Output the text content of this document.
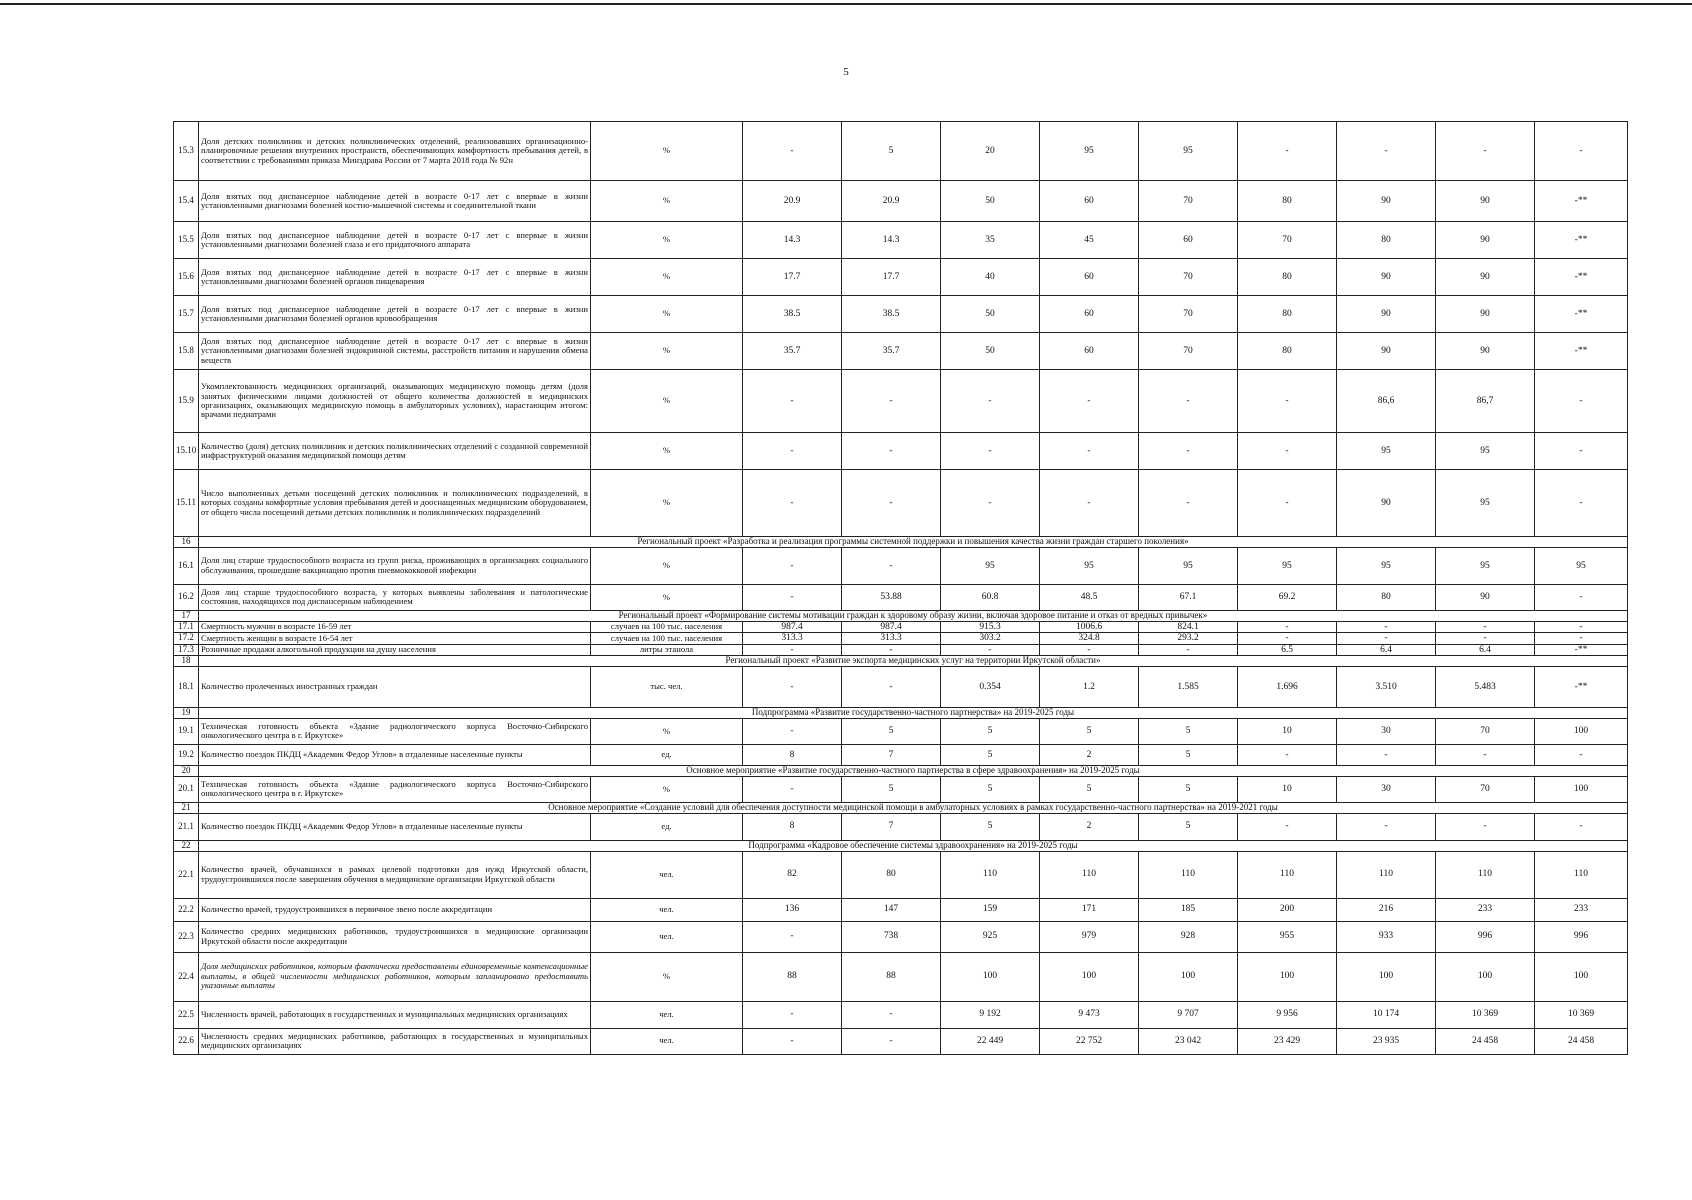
5
15.3	Доля детских поликлиник и детских поликлинических отделений, реализовавших организационно-планировочные решения внутренних пространств, обеспечивающих комфортность пребывания детей, в соответствии с требованиями приказа Минздрава России от 7 марта 2018 года № 92н	%	-	5	20	95	95	-	-	-	-
15.4	Доля взятых под диспансерное наблюдение детей в возрасте 0-17 лет с впервые в жизни установленными диагнозами болезней костно-мышечной системы и соединительной ткани	%	20.9	20.9	50	60	70	80	90	90	-**
15.5	Доля взятых под диспансерное наблюдение детей в возрасте 0-17 лет с впервые в жизни установленными диагнозами болезней глаза и его придаточного аппарата	%	14.3	14.3	35	45	60	70	80	90	-**
15.6	Доля взятых под диспансерное наблюдение детей в возрасте 0-17 лет с впервые в жизни установленными диагнозами болезней органов пищеварения	%	17.7	17.7	40	60	70	80	90	90	-**
15.7	Доля взятых под диспансерное наблюдение детей в возрасте 0-17 лет с впервые в жизни установленными диагнозами болезней органов кровообращения	%	38.5	38.5	50	60	70	80	90	90	-**
15.8	Доля взятых под диспансерное наблюдение детей в возрасте 0-17 лет с впервые в жизни установленными диагнозами болезней эндокринной системы, расстройств питания и нарушения обмена веществ	%	35.7	35.7	50	60	70	80	90	90	-**
15.9	Укомплектованность медицинских организаций, оказывающих медицинскую помощь детям (доля занятых физическими лицами должностей от общего количества должностей в медицинских организациях, оказывающих медицинскую помощь в амбулаторных условиях), нарастающим итогом: врачами педиатрами	%	-	-	-	-	-	-	86,6	86,7	-
15.10	Количество (доля) детских поликлиник и детских поликлинических отделений с созданной современной инфраструктурой оказания медицинской помощи детям	%	-	-	-	-	-	-	95	95	-
15.11	Число выполненных детьми посещений детских поликлиник и поликлинических подразделений, в которых созданы комфортные условия пребывания детей и дооснащенных медицинским оборудованием, от общего числа посещений детьми детских поликлиник и поликлинических подразделений	%	-	-	-	-	-	-	90	95	-
16	Региональный проект «Разработка и реализация программы системной поддержки и повышения качества жизни граждан старшего поколения»										
16.1	Доля лиц старше трудоспособного возраста из групп риска, проживающих в организациях социального обслуживания, прошедшие вакцинацию против пневмококковой инфекции	%	-	-	95	95	95	95	95	95	95
16.2	Доля лиц старше трудоспособного возраста, у которых выявлены заболевания и патологические состояния, находящихся под диспансерным наблюдением	%	-	53.88	60.8	48.5	67.1	69.2	80	90	-
17	Региональный проект «Формирование системы мотивации граждан к здоровому образу жизни, включая здоровое питание и отказ от вредных привычек»										
17.1	Смертность мужчин в возрасте 16-59 лет	случаев на 100 тыс. населения	987.4	987.4	915.3	1006.6	824.1	-	-	-	-
17.2	Смертность женщин в возрасте 16-54 лет	случаев на 100 тыс. населения	313.3	313.3	303.2	324.8	293.2	-	-	-	-
17.3	Розничные продажи алкогольной продукции на душу населения	литры этанола	-	-	-	-	-	6.5	6.4	6.4	-**
18	Региональный проект «Развитие экспорта медицинских услуг на территории Иркутской области»										
18.1	Количество пролеченных иностранных граждан	тыс. чел.	-	-	0.354	1.2	1.585	1.696	3.510	5.483	-**
19	Подпрограмма «Развитие государственно-частного партнерства» на 2019-2025 годы										
19.1	Техническая готовность объекта «Здание радиологического корпуса Восточно-Сибирского онкологического центра в г. Иркутске»	%	-	5	5	5	5	10	30	70	100
19.2	Количество поездок ПКДЦ «Академик Федор Углов» в отдаленные населенные пункты	ед.	8	7	5	2	5	-	-	-	-
20	Основное мероприятие «Развитие государственно-частного партнерства в сфере здравоохранения» на 2019-2025 годы										
20.1	Техническая готовность объекта «Здание радиологического корпуса Восточно-Сибирского онкологического центра в г. Иркутске»	%	-	5	5	5	5	10	30	70	100
21	Основное мероприятие «Создание условий для обеспечения доступности медицинской помощи в амбулаторных условиях в рамках государственно-частного партнерства» на 2019-2021 годы										
21.1	Количество поездок ПКДЦ «Академик Федор Углов» в отдаленные населенные пункты	ед.	8	7	5	2	5	-	-	-	-
22	Подпрограмма «Кадровое обеспечение системы здравоохранения» на 2019-2025 годы										
22.1	Количество врачей, обучавшихся в рамках целевой подготовки для нужд Иркутской области, трудоустроившихся после завершения обучения в медицинские организации Иркутской области	чел.	82	80	110	110	110	110	110	110	110
22.2	Количество врачей, трудоустроившихся в первичное звено после аккредитации	чел.	136	147	159	171	185	200	216	233	233
22.3	Количество средних медицинских работников, трудоустроившихся в медицинские организации Иркутской области после аккредитации	чел.	-	738	925	979	928	955	933	996	996
22.4	Доля медицинских работников, которым фактически предоставлены единовременные компенсационные выплаты, в общей численности медицинских работников, которым запланировано предоставить указанные выплаты	%	88	88	100	100	100	100	100	100	100
22.5	Численность врачей, работающих в государственных и муниципальных медицинских организациях	чел.	-	-	9 192	9 473	9 707	9 956	10 174	10 369	10 369
22.6	Численность средних медицинских работников, работающих в государственных и муниципальных медицинских организациях	чел.	-	-	22 449	22 752	23 042	23 429	23 935	24 458	24 458
